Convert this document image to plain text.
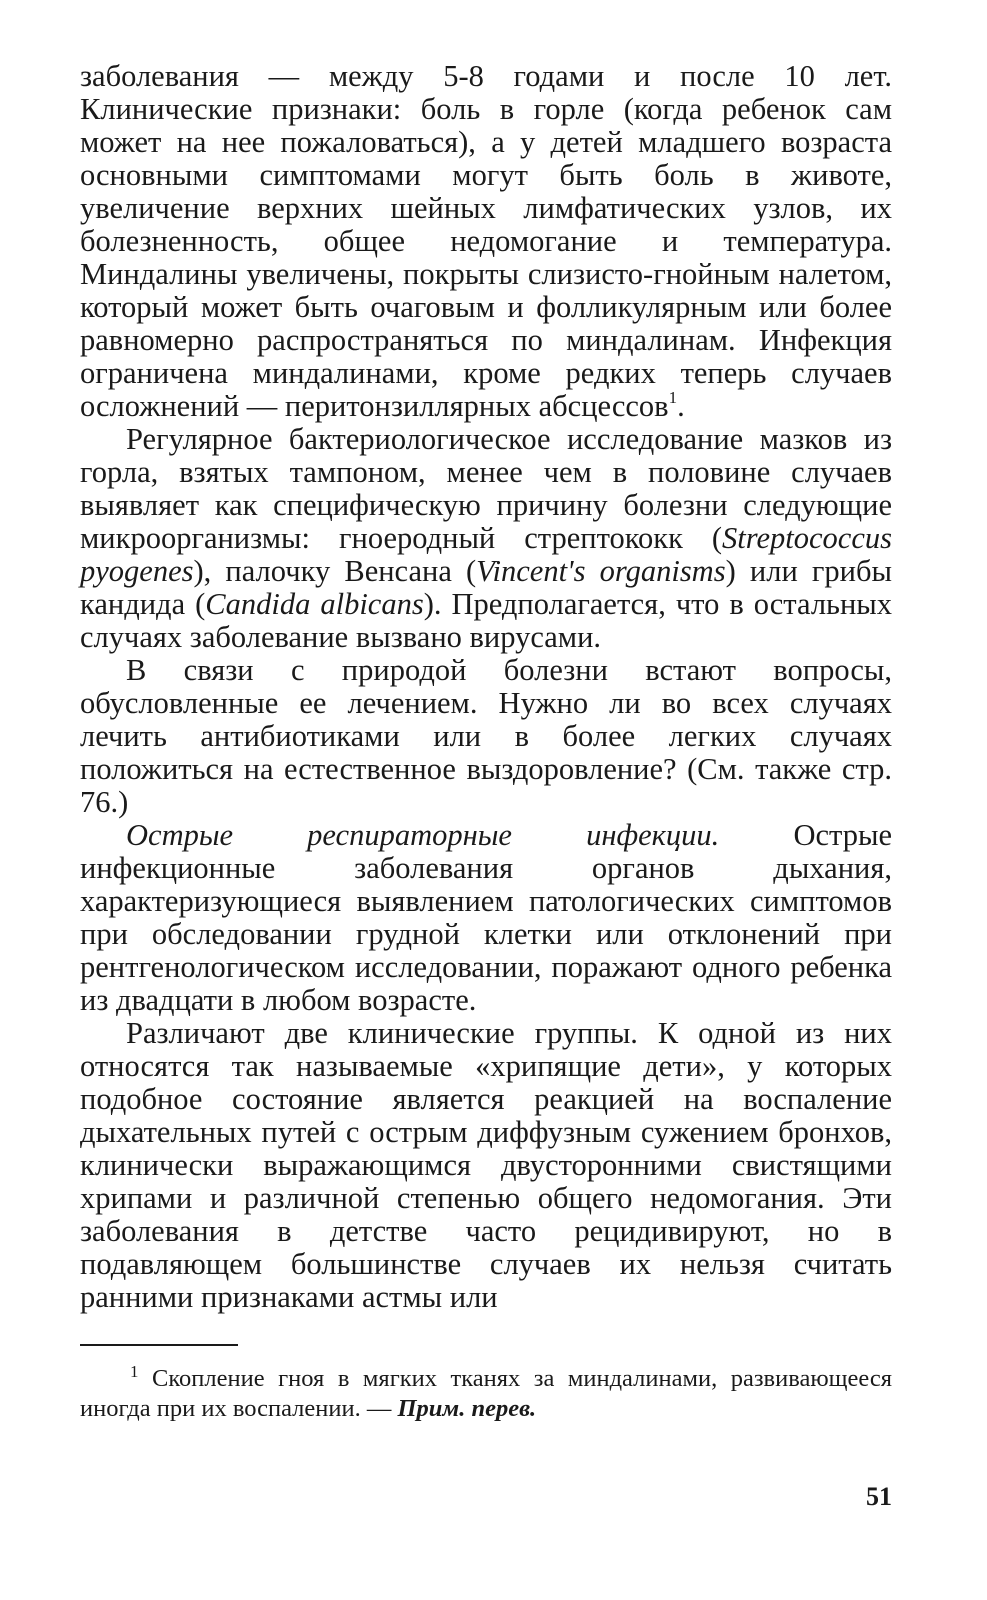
заболевания — между 5-8 годами и после 10 лет. Клинические признаки: боль в горле (когда ребенок сам может на нее пожаловаться), а у детей младшего возраста основными симптомами могут быть боль в животе, увеличение верхних шейных лимфатических узлов, их болезненность, общее недомогание и температура. Миндалины увеличены, покрыты слизисто-гнойным налетом, который может быть очаговым и фолликулярным или более равномерно распространяться по миндалинам. Инфекция ограничена миндалинами, кроме редких теперь случаев осложнений — перитонзиллярных абсцессов$^1$.

Регулярное бактериологическое исследование мазков из горла, взятых тампоном, менее чем в половине случаев выявляет как специфическую причину болезни следующие микроорганизмы: гноеродный стрептококк (Streptococcus pyogenes), палочку Венсана (Vincent's organisms) или грибы кандида (Candida albicans). Предполагается, что в остальных случаях заболевание вызвано вирусами.

В связи с природой болезни встают вопросы, обусловленные ее лечением. Нужно ли во всех случаях лечить антибиотиками или в более легких случаях положиться на естественное выздоровление? (См. также стр. 76.)

Острые респираторные инфекции. Острые инфекционные заболевания органов дыхания, характеризующиеся выявлением патологических симптомов при обследовании грудной клетки или отклонений при рентгенологическом исследовании, поражают одного ребенка из двадцати в любом возрасте.

Различают две клинические группы. К одной из них относятся так называемые «хрипящие дети», у которых подобное состояние является реакцией на воспаление дыхательных путей с острым диффузным сужением бронхов, клинически выражающимся двусторонними свистящими хрипами и различной степенью общего недомогания. Эти заболевания в детстве часто рецидивируют, но в подавляющем большинстве случаев их нельзя считать ранними признаками астмы или

$^1$ Скопление гноя в мягких тканях за миндалинами, развивающееся иногда при их воспалении. — Прим. перев.

51
